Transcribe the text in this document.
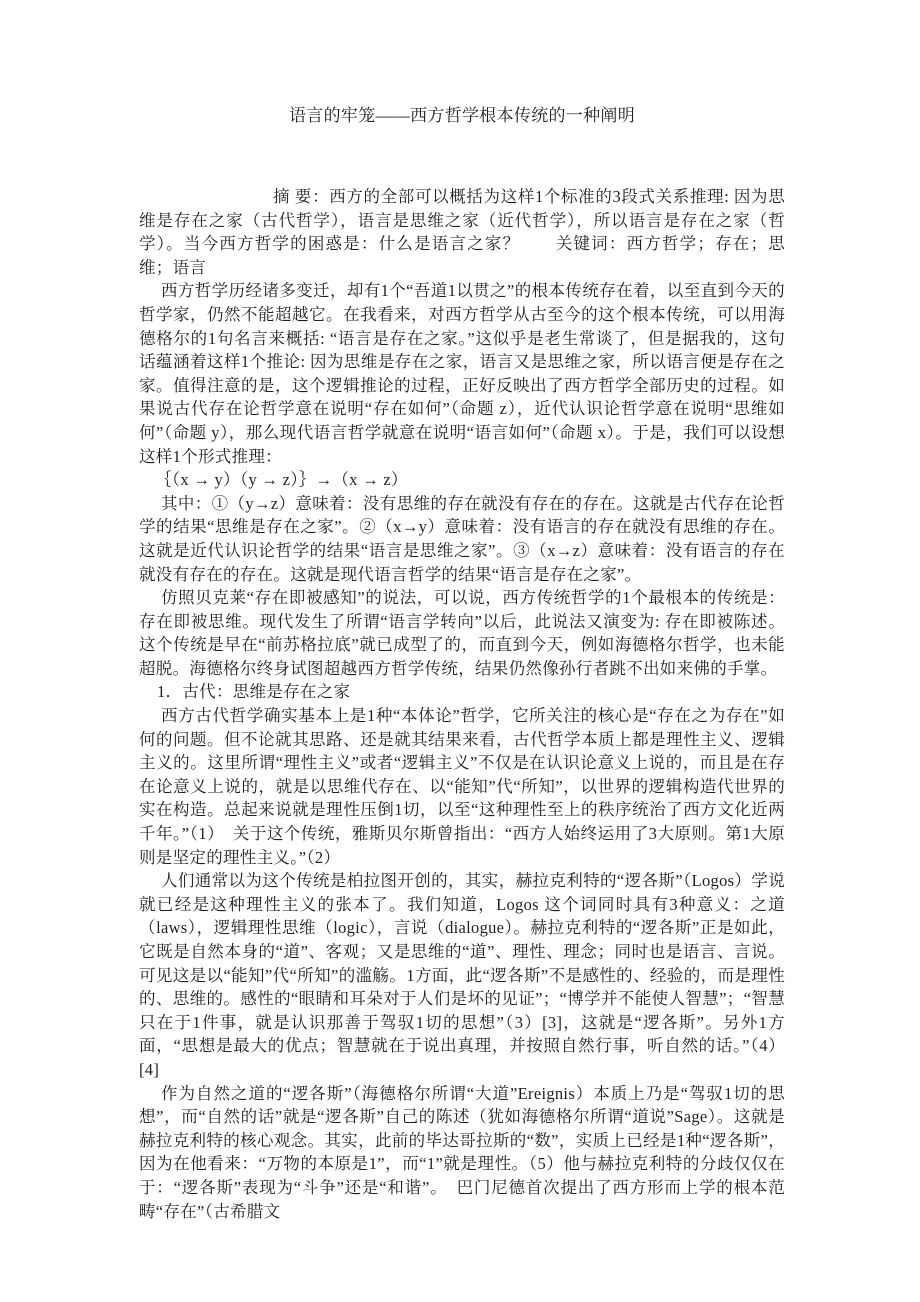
语言的牢笼——西方哲学根本传统的一种阐明

摘 要：西方的全部可以概括为这样1个标准的3段式关系推理: 因为思维是存在之家（古代哲学），语言是思维之家（近代哲学），所以语言是存在之家（哲学）。当今西方哲学的困惑是：什么是语言之家？　　关键词：西方哲学；存在；思维；语言

西方哲学历经诸多变迁，却有1个“吾道1以贯之”的根本传统存在着，以至直到今天的哲学家，仍然不能超越它。在我看来，对西方哲学从古至今的这个根本传统，可以用海德格尔的1句名言来概括: “语言是存在之家。”这似乎是老生常谈了，但是据我的，这句话蕴涵着这样1个推论: 因为思维是存在之家，语言又是思维之家，所以语言便是存在之家。值得注意的是，这个逻辑推论的过程，正好反映出了西方哲学全部历史的过程。如果说古代存在论哲学意在说明“存在如何”（命题 z），近代认识论哲学意在说明“思维如何”（命题 y），那么现代语言哲学就意在说明“语言如何”（命题 x）。于是，我们可以设想这样1个形式推理：

｛（x → y）（y → z）｝→（x → z）

其中：①（y→z）意味着：没有思维的存在就没有存在的存在。这就是古代存在论哲学的结果“思维是存在之家”。②（x→y）意味着：没有语言的存在就没有思维的存在。这就是近代认识论哲学的结果“语言是思维之家”。③（x→z）意味着：没有语言的存在就没有存在的存在。这就是现代语言哲学的结果“语言是存在之家”。

仿照贝克莱“存在即被感知”的说法，可以说，西方传统哲学的1个最根本的传统是：存在即被思维。现代发生了所谓“语言学转向”以后，此说法又演变为: 存在即被陈述。这个传统是早在“前苏格拉底”就已成型了的，而直到今天，例如海德格尔哲学，也未能超脱。海德格尔终身试图超越西方哲学传统，结果仍然像孙行者跳不出如来佛的手掌。

1．古代：思维是存在之家

西方古代哲学确实基本上是1种“本体论”哲学，它所关注的核心是“存在之为存在”如何的问题。但不论就其思路、还是就其结果来看，古代哲学本质上都是理性主义、逻辑主义的。这里所谓“理性主义”或者“逻辑主义”不仅是在认识论意义上说的，而且是在存在论意义上说的，就是以思维代存在、以“能知”代“所知”，以世界的逻辑构造代世界的实在构造。总起来说就是理性压倒1切，以至“这种理性至上的秩序统治了西方文化近两千年。”（1）　关于这个传统，雅斯贝尔斯曾指出：“西方人始终运用了3大原则。第1大原则是坚定的理性主义。”（2）

人们通常以为这个传统是柏拉图开创的，其实，赫拉克利特的“逻各斯”（Logos）学说就已经是这种理性主义的张本了。我们知道，Logos 这个词同时具有3种意义：之道（laws），逻辑理性思维（logic），言说（dialogue）。赫拉克利特的“逻各斯”正是如此，它既是自然本身的“道”、客观；又是思维的“道”、理性、理念；同时也是语言、言说。可见这是以“能知”代“所知”的滥觞。1方面，此“逻各斯”不是感性的、经验的，而是理性的、思维的。感性的“眼睛和耳朵对于人们是坏的见证”；“博学并不能使人智慧”；“智慧只在于1件事，就是认识那善于驾驭1切的思想”（3）[3]，这就是“逻各斯”。另外1方面，“思想是最大的优点；智慧就在于说出真理，并按照自然行事，听自然的话。”（4）[4]

作为自然之道的“逻各斯”（海德格尔所谓“大道”Ereignis）本质上乃是“驾驭1切的思想”，而“自然的话”就是“逻各斯”自己的陈述（犹如海德格尔所谓“道说”Sage）。这就是赫拉克利特的核心观念。其实，此前的毕达哥拉斯的“数”，实质上已经是1种“逻各斯”，因为在他看来：“万物的本原是1”，而“1”就是理性。（5）他与赫拉克利特的分歧仅仅在于：“逻各斯”表现为“斗争”还是“和谐”。　巴门尼德首次提出了西方形而上学的根本范畴“存在”（古希腊文
